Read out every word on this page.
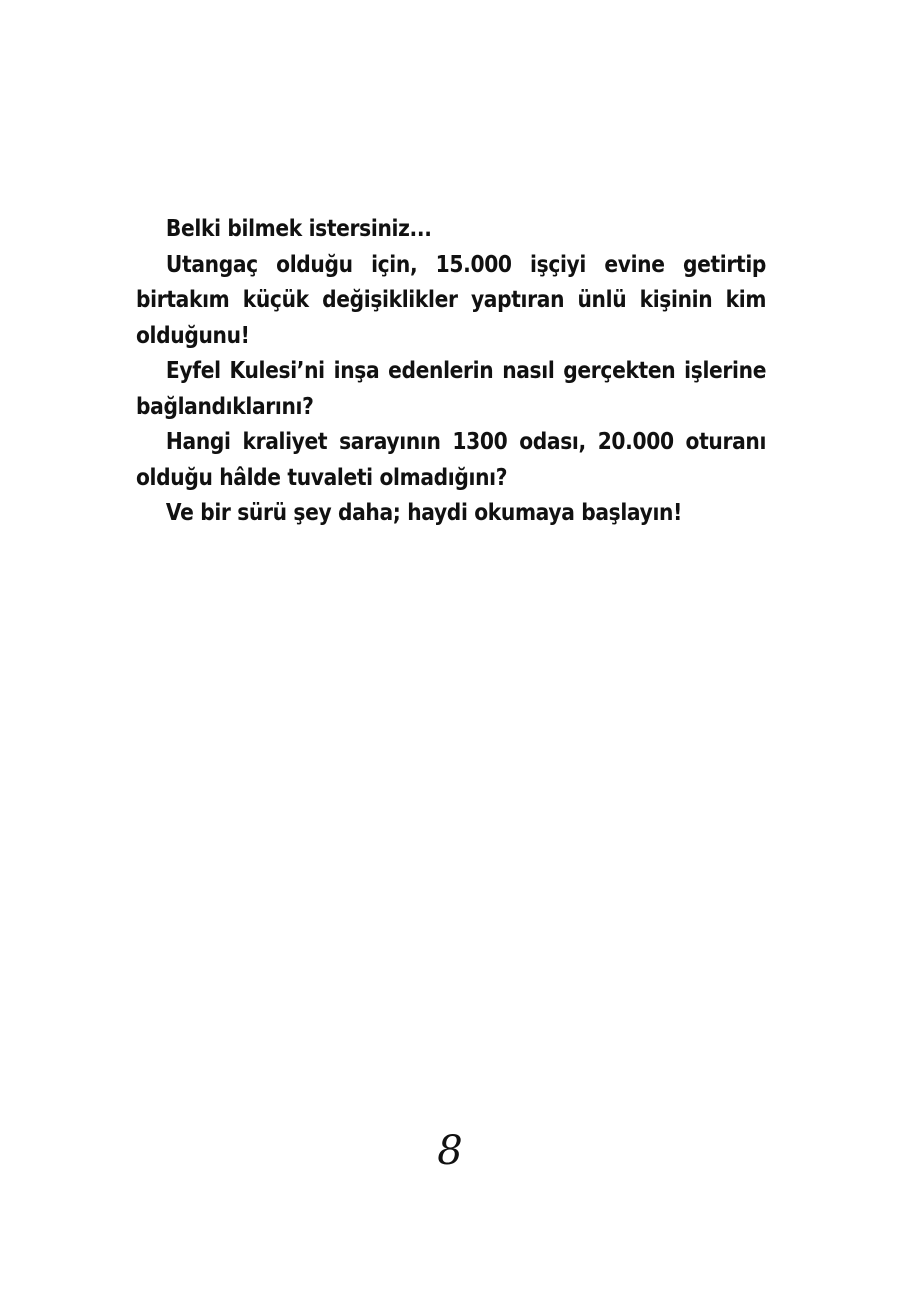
Belki bilmek istersiniz...

Utangaç olduğu için, 15.000 işçiyi evine getirtip birtakım küçük değişiklikler yaptıran ünlü kişinin kim olduğunu!

Eyfel Kulesi’ni inşa edenlerin nasıl gerçekten işlerine bağlandıklarını?

Hangi kraliyet sarayının 1300 odası, 20.000 oturanı olduğu hâlde tuvaleti olmadığını?

Ve bir sürü şey daha; haydi okumaya başlayın!

8
